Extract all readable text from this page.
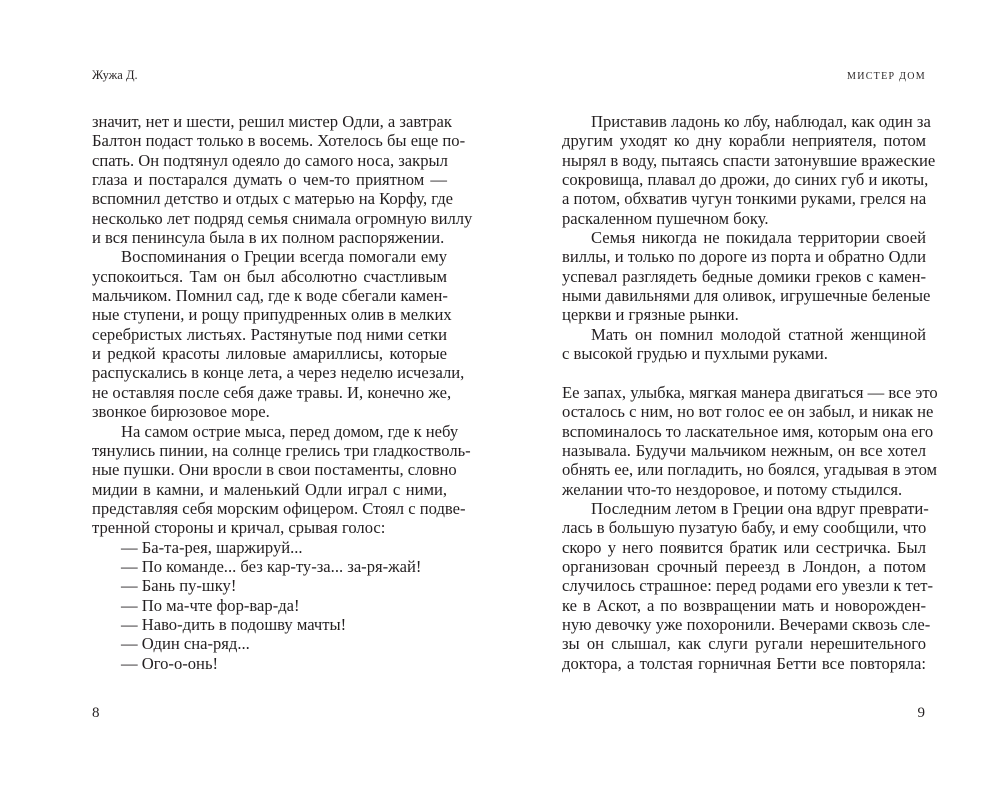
Жужа Д.
значит, нет и шести, решил мистер Одли, а завтрак
Балтон подаст только в восемь. Хотелось бы еще по-
спать. Он подтянул одеяло до самого носа, закрыл
глаза и постарался думать о чем-то приятном —
вспомнил детство и отдых с матерью на Корфу, где
несколько лет подряд семья снимала огромную виллу
и вся пенинсула была в их полном распоряжении.
Воспоминания о Греции всегда помогали ему
успокоиться. Там он был абсолютно счастливым
мальчиком. Помнил сад, где к воде сбегали камен-
ные ступени, и рощу припудренных олив в мелких
серебристых листьях. Растянутые под ними сетки
и редкой красоты лиловые амариллисы, которые
распускались в конце лета, а через неделю исчезали,
не оставляя после себя даже травы. И, конечно же,
звонкое бирюзовое море.
На самом острие мыса, перед домом, где к небу
тянулись пинии, на солнце грелись три гладкостволь-
ные пушки. Они вросли в свои постаменты, словно
мидии в камни, и маленький Одли играл с ними,
представляя себя морским офицером. Стоял с подве-
тренной стороны и кричал, срывая голос:
— Ба-та-рея, шаржируй...
— По команде... без кар-ту-за... за-ря-жай!
— Бань пу-шку!
— По ма-чте фор-вар-да!
— Наво-дить в подошву мачты!
— Один сна-ряд...
— Ого-о-онь!
8
МИСТЕР ДОМ
Приставив ладонь ко лбу, наблюдал, как один за
другим уходят ко дну корабли неприятеля, потом
нырял в воду, пытаясь спасти затонувшие вражеские
сокровища, плавал до дрожи, до синих губ и икоты,
а потом, обхватив чугун тонкими руками, грелся на
раскаленном пушечном боку.
Семья никогда не покидала территории своей
виллы, и только по дороге из порта и обратно Одли
успевал разглядеть бедные домики греков с камен-
ными давильнями для оливок, игрушечные беленые
церкви и грязные рынки.
Мать он помнил молодой статной женщиной
с высокой грудью и пухлыми руками.
Ее запах, улыбка, мягкая манера двигаться — все это
осталось с ним, но вот голос ее он забыл, и никак не
вспоминалось то ласкательное имя, которым она его
называла. Будучи мальчиком нежным, он все хотел
обнять ее, или погладить, но боялся, угадывая в этом
желании что-то нездоровое, и потому стыдился.
Последним летом в Греции она вдруг преврати-
лась в большую пузатую бабу, и ему сообщили, что
скоро у него появится братик или сестричка. Был
организован срочный переезд в Лондон, а потом
случилось страшное: перед родами его увезли к тет-
ке в Аскот, а по возвращении мать и новорожден-
ную девочку уже похоронили. Вечерами сквозь сле-
зы он слышал, как слуги ругали нерешительного
доктора, а толстая горничная Бетти все повторяла:
9
